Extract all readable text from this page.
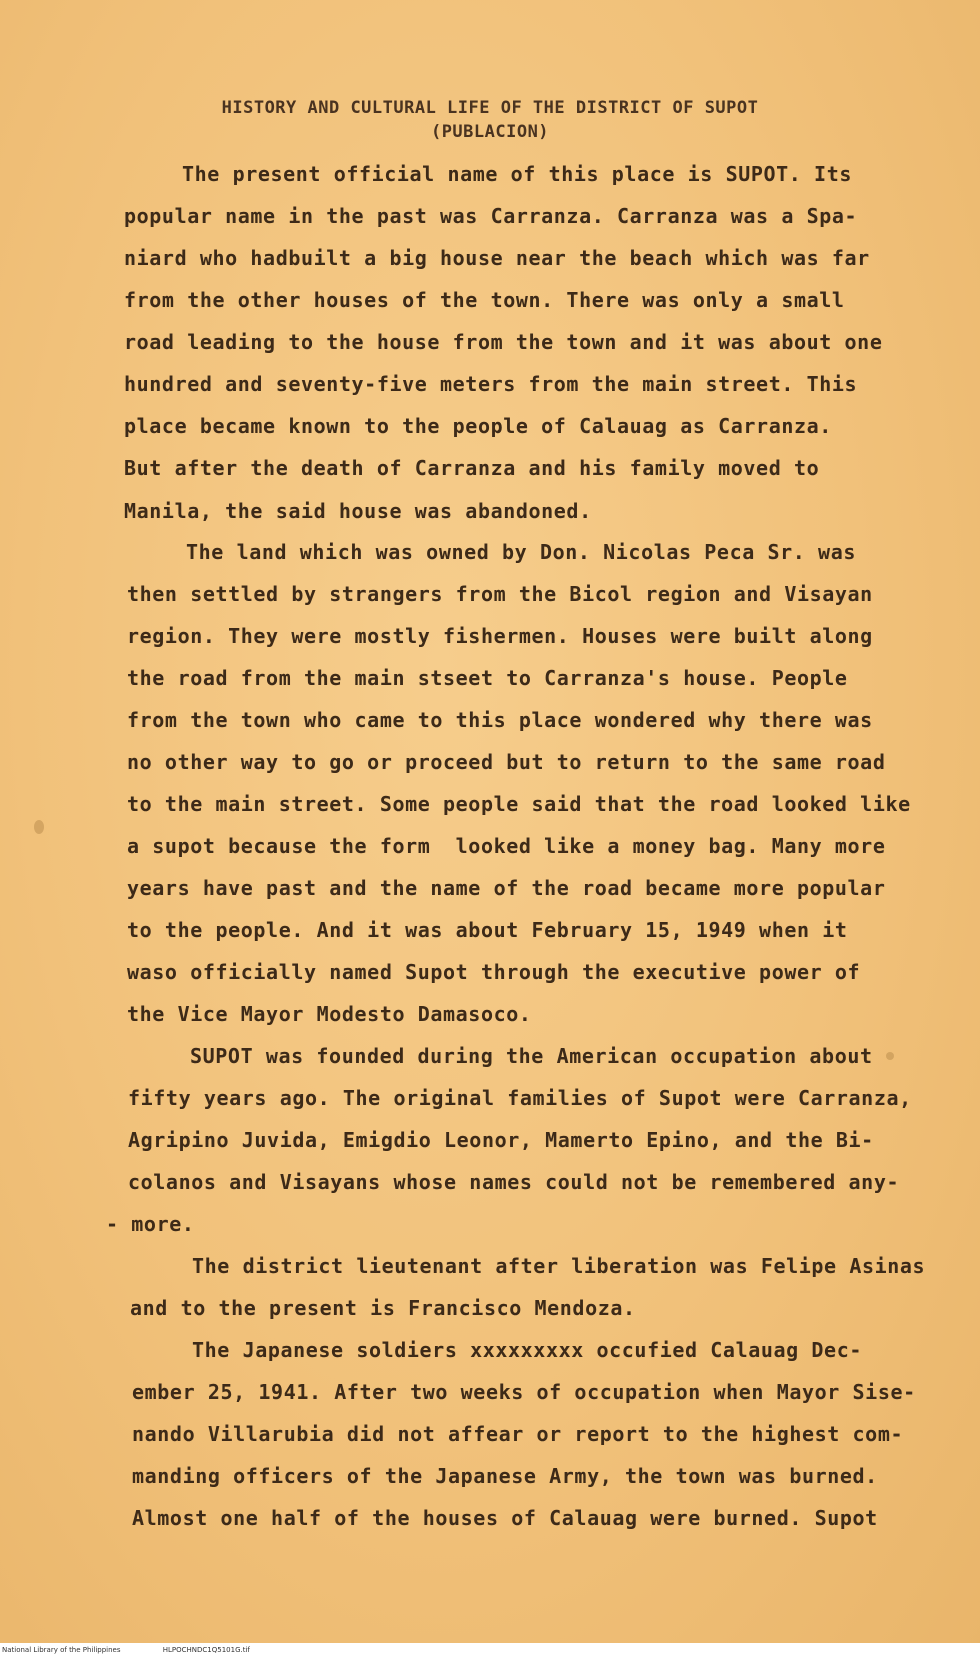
HISTORY AND CULTURAL LIFE OF THE DISTRICT OF SUPOT
(PUBLACION)
The present official name of this place is SUPOT. Its
popular name in the past was Carranza. Carranza was a Spa-
niard who hadbuilt a big house near the beach which was far
from the other houses of the town. There was only a small
road leading to the house from the town and it was about one
hundred and seventy-five meters from the main street. This
place became known to the people of Calauag as Carranza.
But after the death of Carranza and his family moved to
Manila, the said house was abandoned.
The land which was owned by Don. Nicolas Peca Sr. was
then settled by strangers from the Bicol region and Visayan
region. They were mostly fishermen. Houses were built along
the road from the main stseet to Carranza's house. People
from the town who came to this place wondered why there was
no other way to go or proceed but to return to the same road
to the main street. Some people said that the road looked like
a supot because the form  looked like a money bag. Many more
years have past and the name of the road became more popular
to the people. And it was about February 15, 1949 when it
waso officially named Supot through the executive power of
the Vice Mayor Modesto Damasoco.
SUPOT was founded during the American occupation about
fifty years ago. The original families of Supot were Carranza,
Agripino Juvida, Emigdio Leonor, Mamerto Epino, and the Bi-
colanos and Visayans whose names could not be remembered any-
- more.
The district lieutenant after liberation was Felipe Asinas
and to the present is Francisco Mendoza.
The Japanese soldiers xxxxxxxxx occufied Calauag Dec-
ember 25, 1941. After two weeks of occupation when Mayor Sise-
nando Villarubia did not affear or report to the highest com-
manding officers of the Japanese Army, the town was burned.
Almost one half of the houses of Calauag were burned. Supot
National Library of the Philippines	HLPOCHNDC1Q5101G.tif
